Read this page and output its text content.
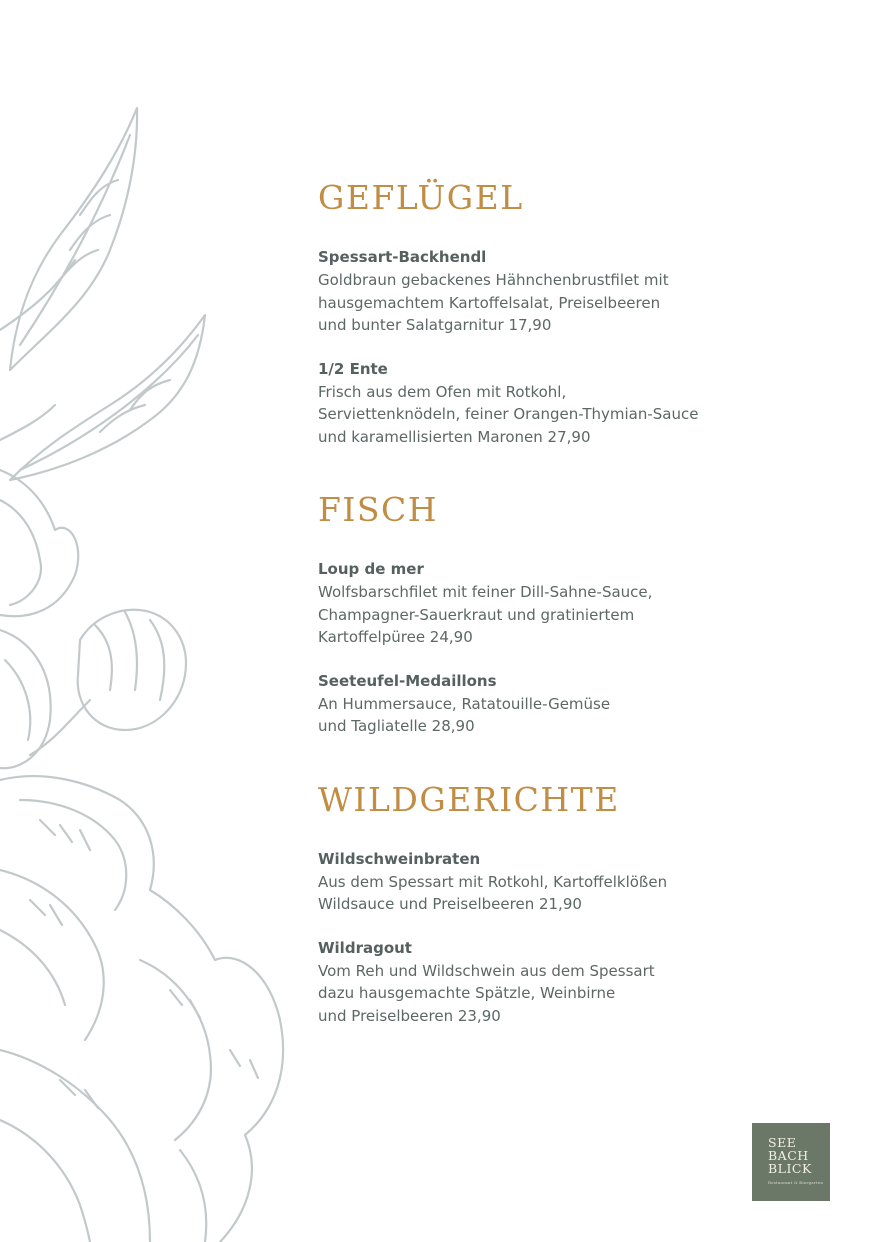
GEFLÜGEL
Spessart-Backhendl
Goldbraun gebackenes Hähnchenbrustfilet mit
hausgemachtem Kartoffelsalat, Preiselbeeren
und bunter Salatgarnitur 17,90
1/2 Ente
Frisch aus dem Ofen mit Rotkohl,
Serviettenknödeln, feiner Orangen-Thymian-Sauce
und karamellisierten Maronen 27,90
FISCH
Loup de mer
Wolfsbarschfilet mit feiner Dill-Sahne-Sauce,
Champagner-Sauerkraut und gratiniertem
Kartoffelpüree 24,90
Seeteufel-Medaillons
An Hummersauce, Ratatouille-Gemüse
und Tagliatelle 28,90
WILDGERICHTE
Wildschweinbraten
Aus dem Spessart mit Rotkohl, Kartoffelklößen
Wildsauce und Preiselbeeren 21,90
Wildragout
Vom Reh und Wildschwein aus dem Spessart
dazu hausgemachte Spätzle, Weinbirne
und Preiselbeeren 23,90
SEE
BACH
BLICK
Restaurant & Biergarten
